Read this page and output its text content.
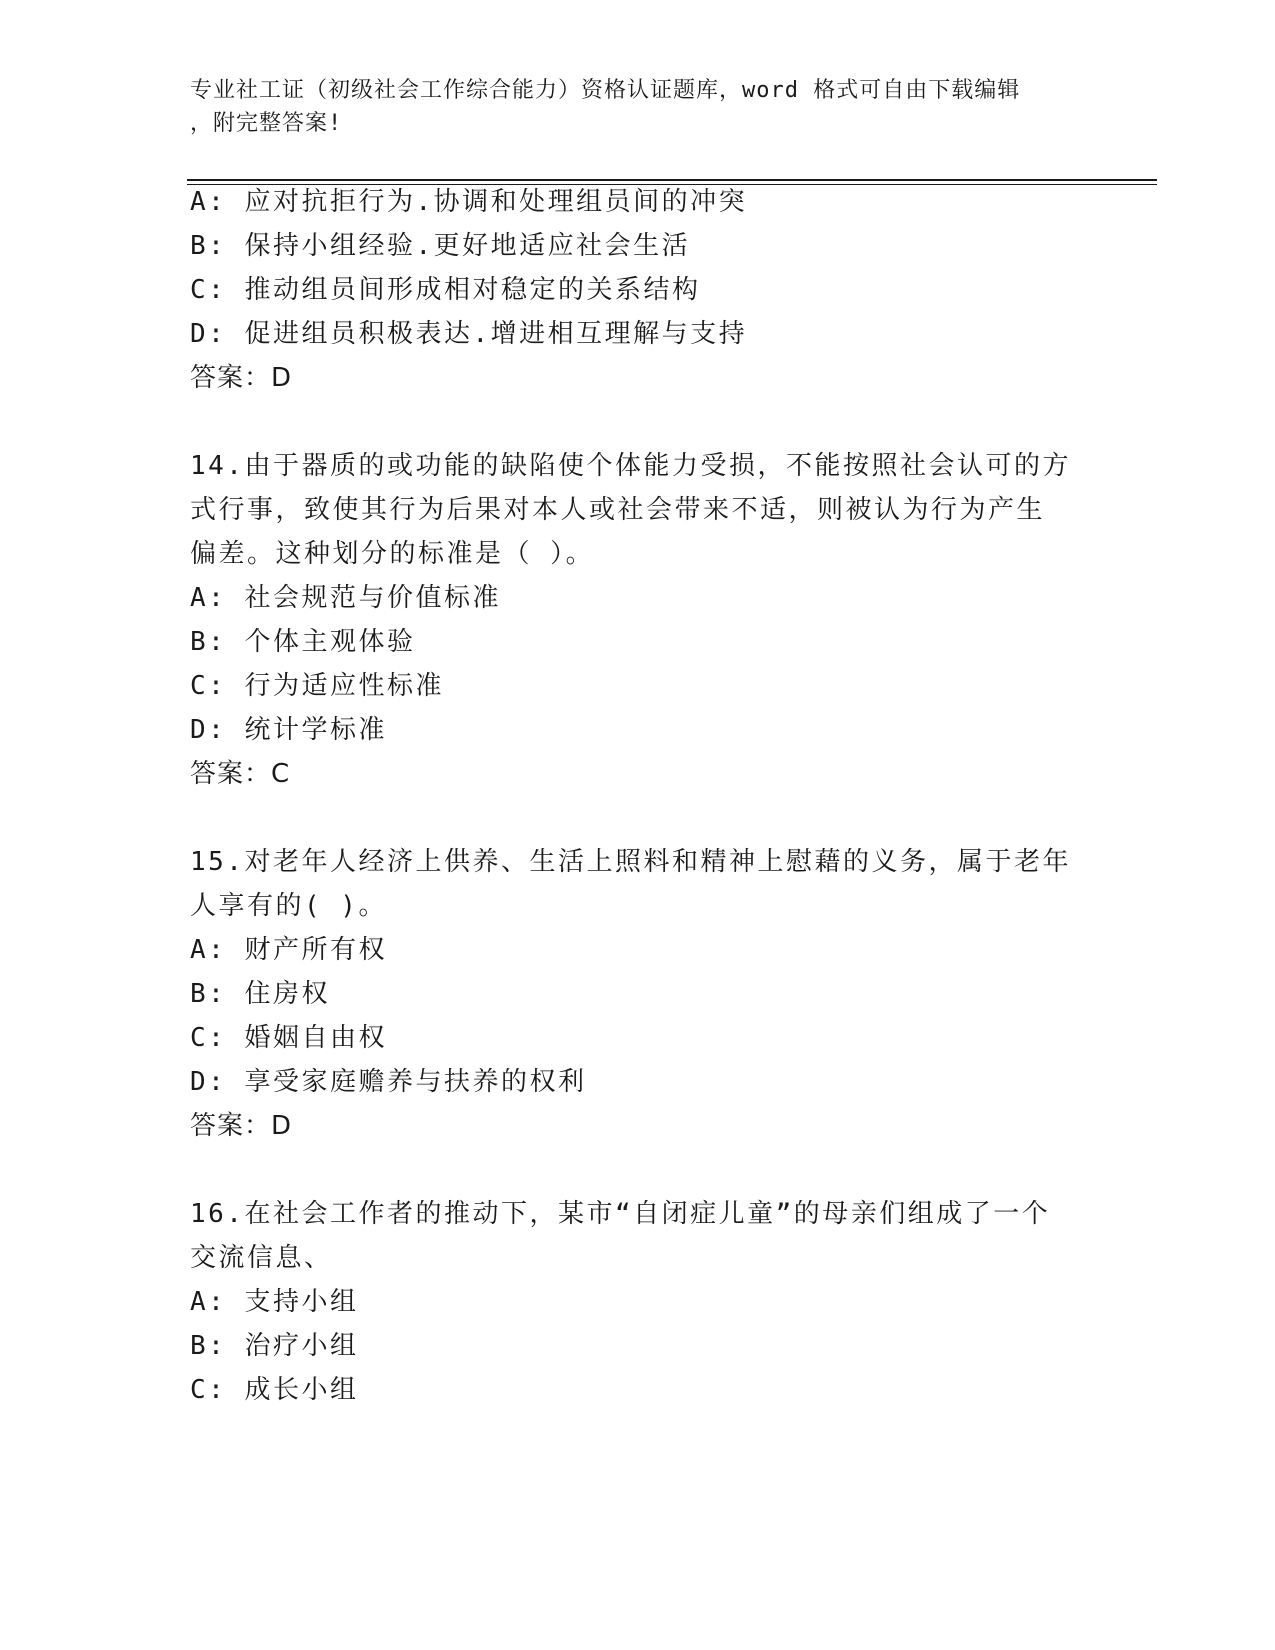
专业社工证（初级社会工作综合能力）资格认证题库，word 格式可自由下载编辑
，附完整答案!
A: 应对抗拒行为.协调和处理组员间的冲突
B: 保持小组经验.更好地适应社会生活
C: 推动组员间形成相对稳定的关系结构
D: 促进组员积极表达.增进相互理解与支持
答案：D
14.由于器质的或功能的缺陷使个体能力受损，不能按照社会认可的方
式行事，致使其行为后果对本人或社会带来不适，则被认为行为产生
偏差。这种划分的标准是（ ）。
A: 社会规范与价值标准
B: 个体主观体验
C: 行为适应性标准
D: 统计学标准
答案：C
15.对老年人经济上供养、生活上照料和精神上慰藉的义务，属于老年
人享有的( )。
A: 财产所有权
B: 住房权
C: 婚姻自由权
D: 享受家庭赡养与扶养的权利
答案：D
16.在社会工作者的推动下，某市“自闭症儿童”的母亲们组成了一个
交流信息、
A: 支持小组
B: 治疗小组
C: 成长小组
